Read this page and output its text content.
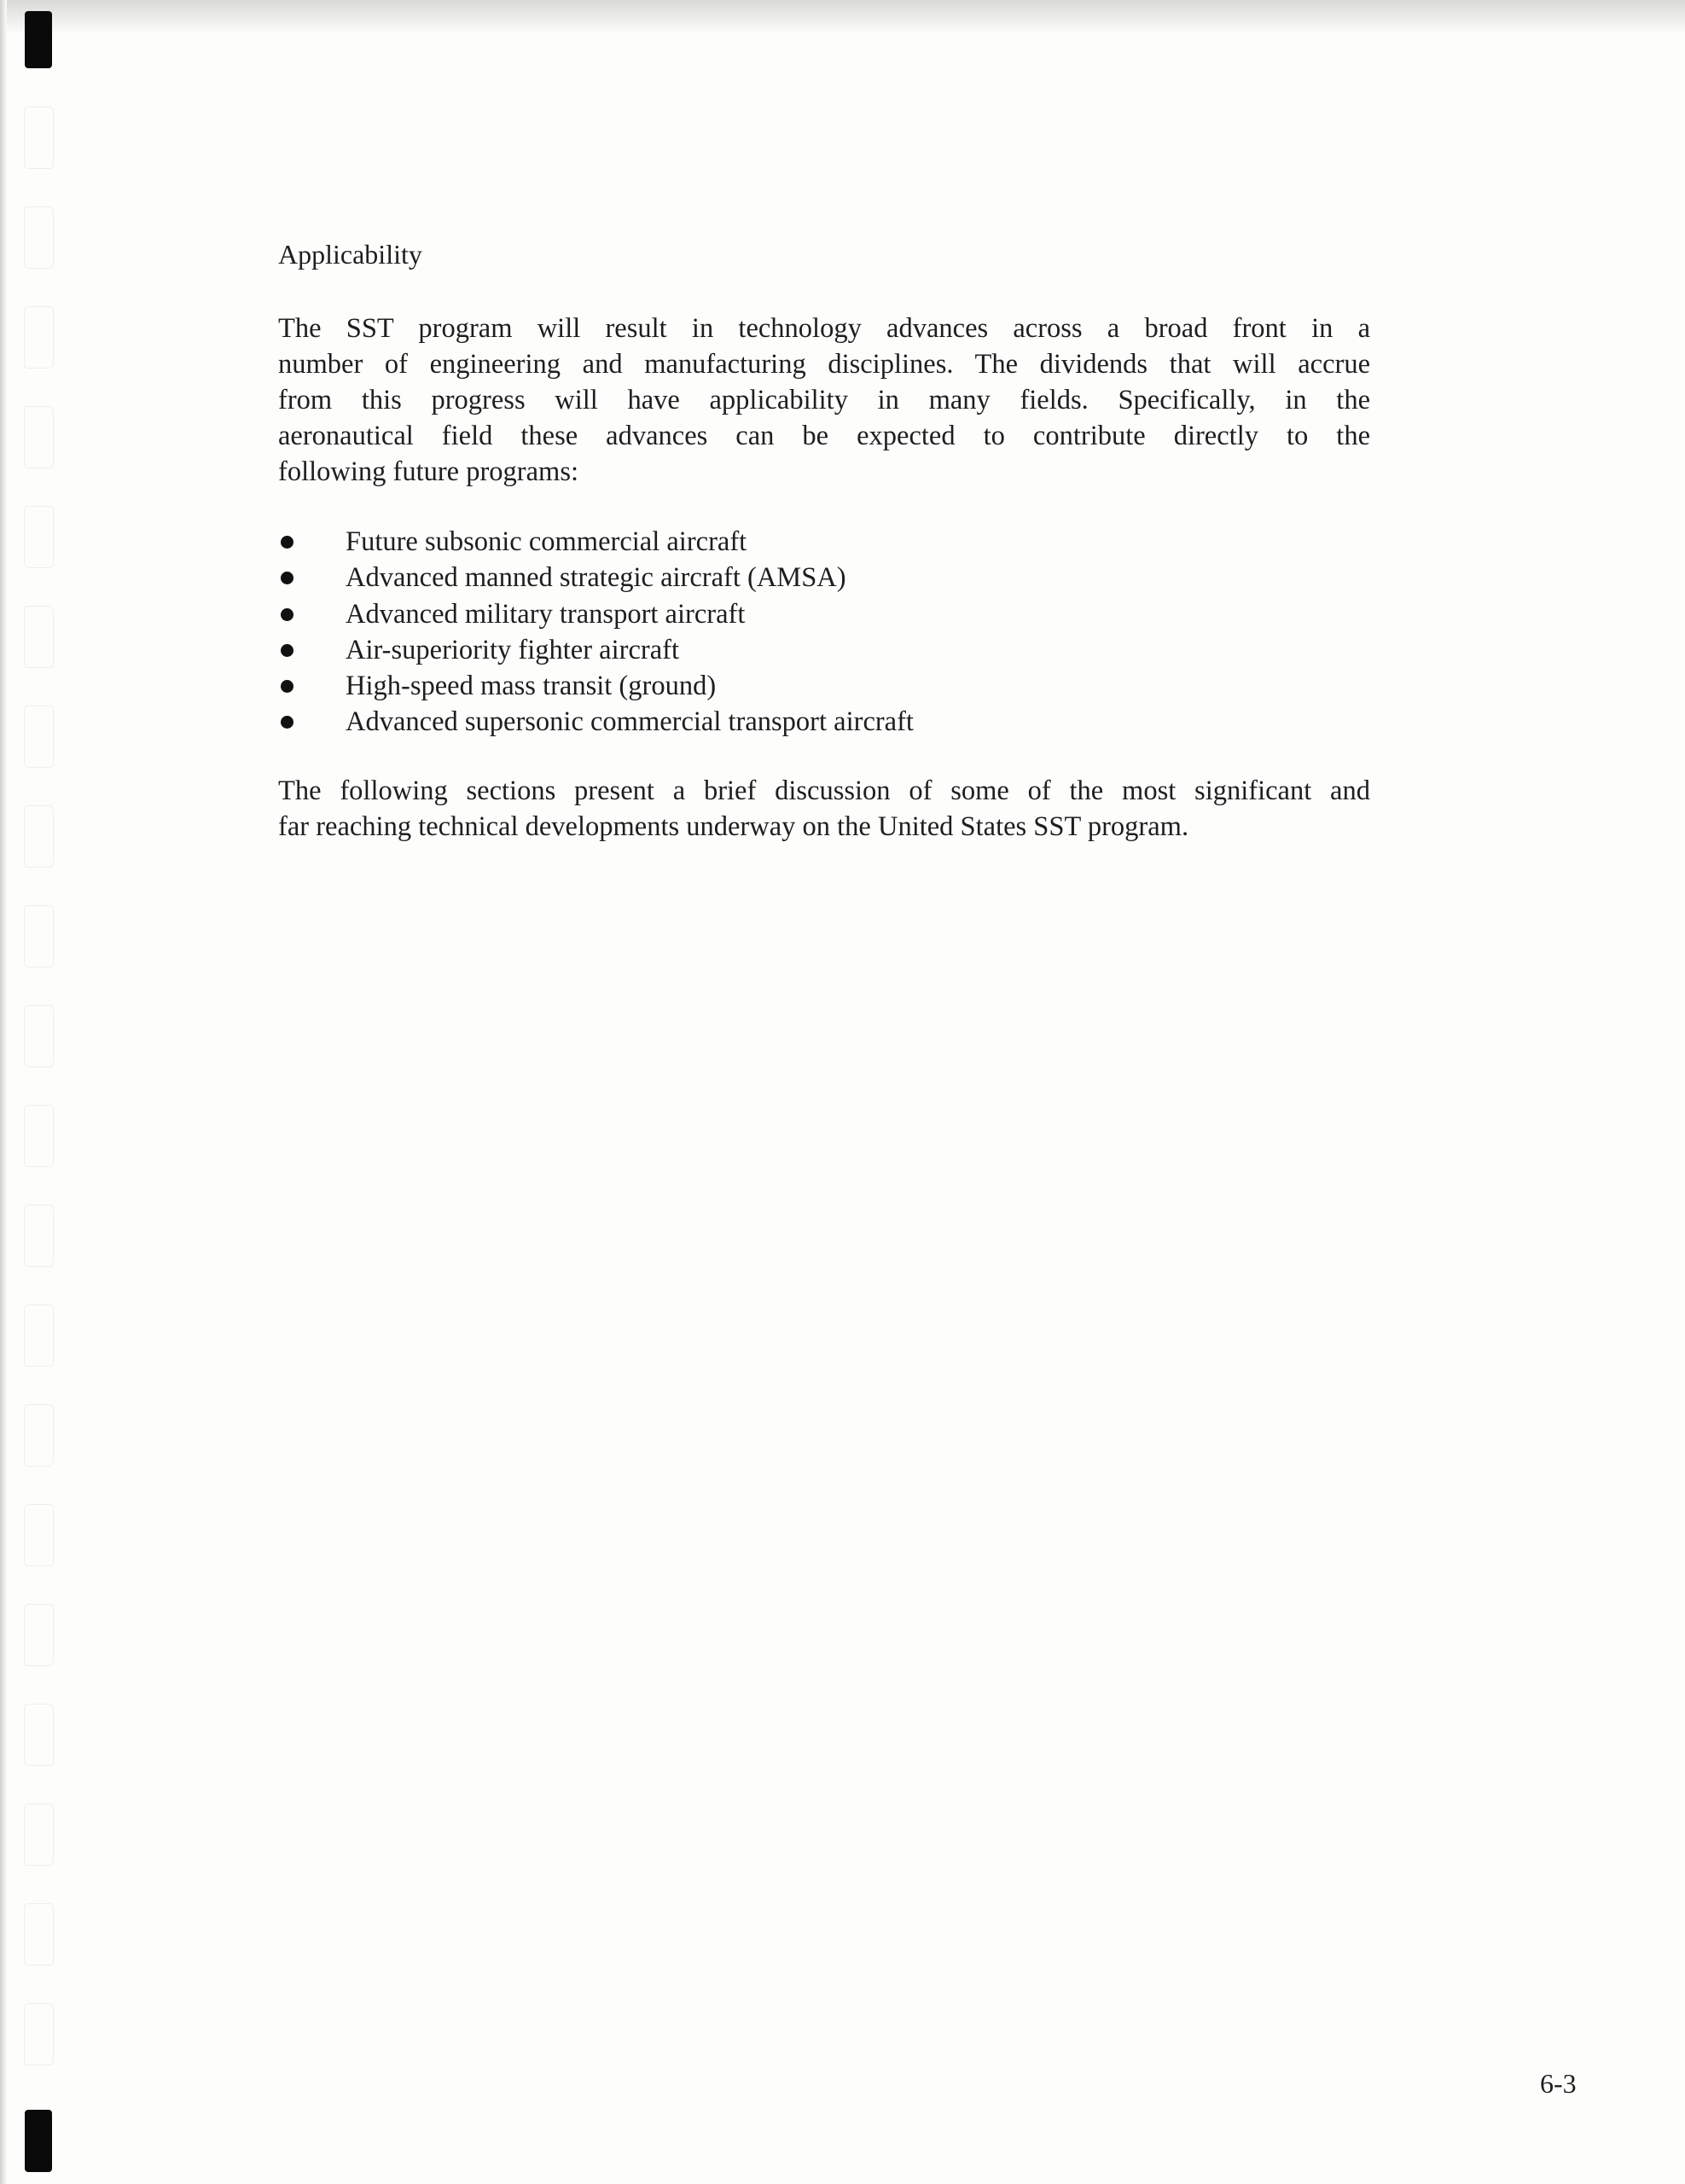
Applicability
The SST program will result in technology advances across a broad front in a
number of engineering and manufacturing disciplines. The dividends that will accrue
from this progress will have applicability in many fields. Specifically, in the
aeronautical field these advances can be expected to contribute directly to the
following future programs:
Future subsonic commercial aircraft
Advanced manned strategic aircraft (AMSA)
Advanced military transport aircraft
Air-superiority fighter aircraft
High-speed mass transit (ground)
Advanced supersonic commercial transport aircraft
The following sections present a brief discussion of some of the most significant and
far reaching technical developments underway on the United States SST program.
6-3
